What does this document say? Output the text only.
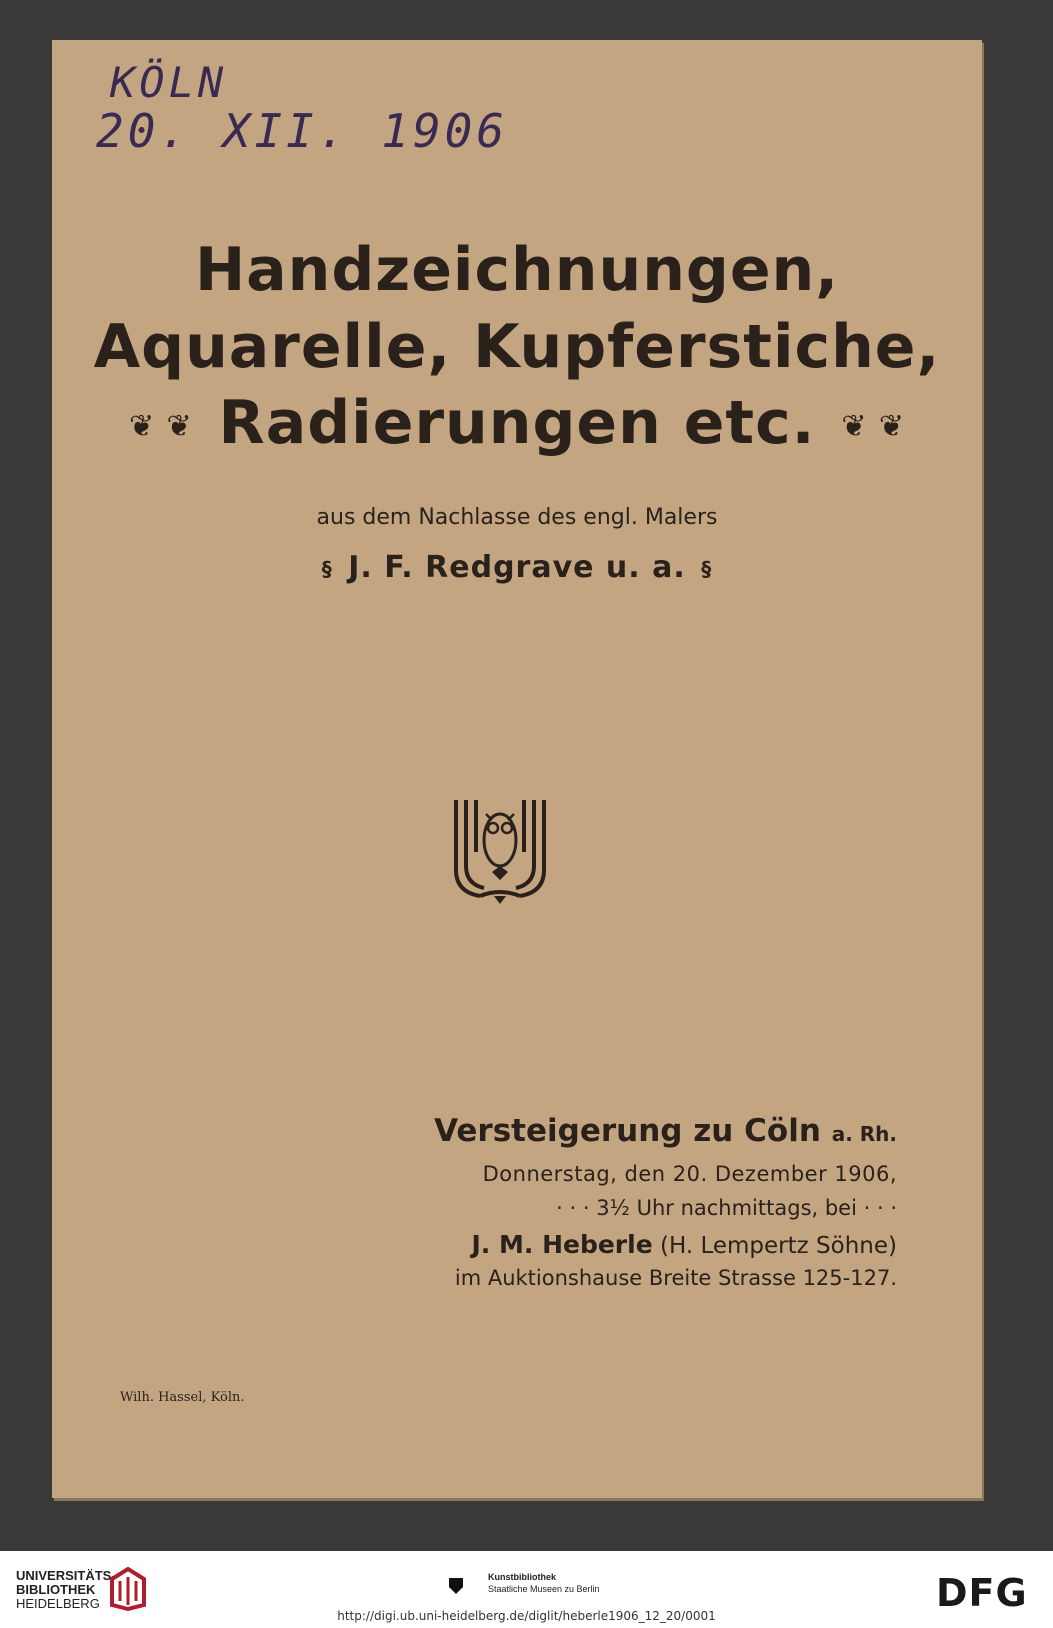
KÖLN
20. XII. 1906
Handzeichnungen,
Aquarelle, Kupferstiche,
❦ ❦ Radierungen etc. ❦ ❦
aus dem Nachlasse des engl. Malers
§ J. F. Redgrave u. a. §
Versteigerung zu Cöln a. Rh.
Donnerstag, den 20. Dezember 1906,
· · · 3½ Uhr nachmittags, bei · · ·
J. M. Heberle (H. Lempertz Söhne)
im Auktionshause Breite Strasse 125-127.
Wilh. Hassel, Köln.
UNIVERSITÄTS-
BIBLIOTHEK
HEIDELBERG
Kunstbibliothek
Staatliche Museen zu Berlin	DFG
http://digi.ub.uni-heidelberg.de/diglit/heberle1906_12_20/0001
